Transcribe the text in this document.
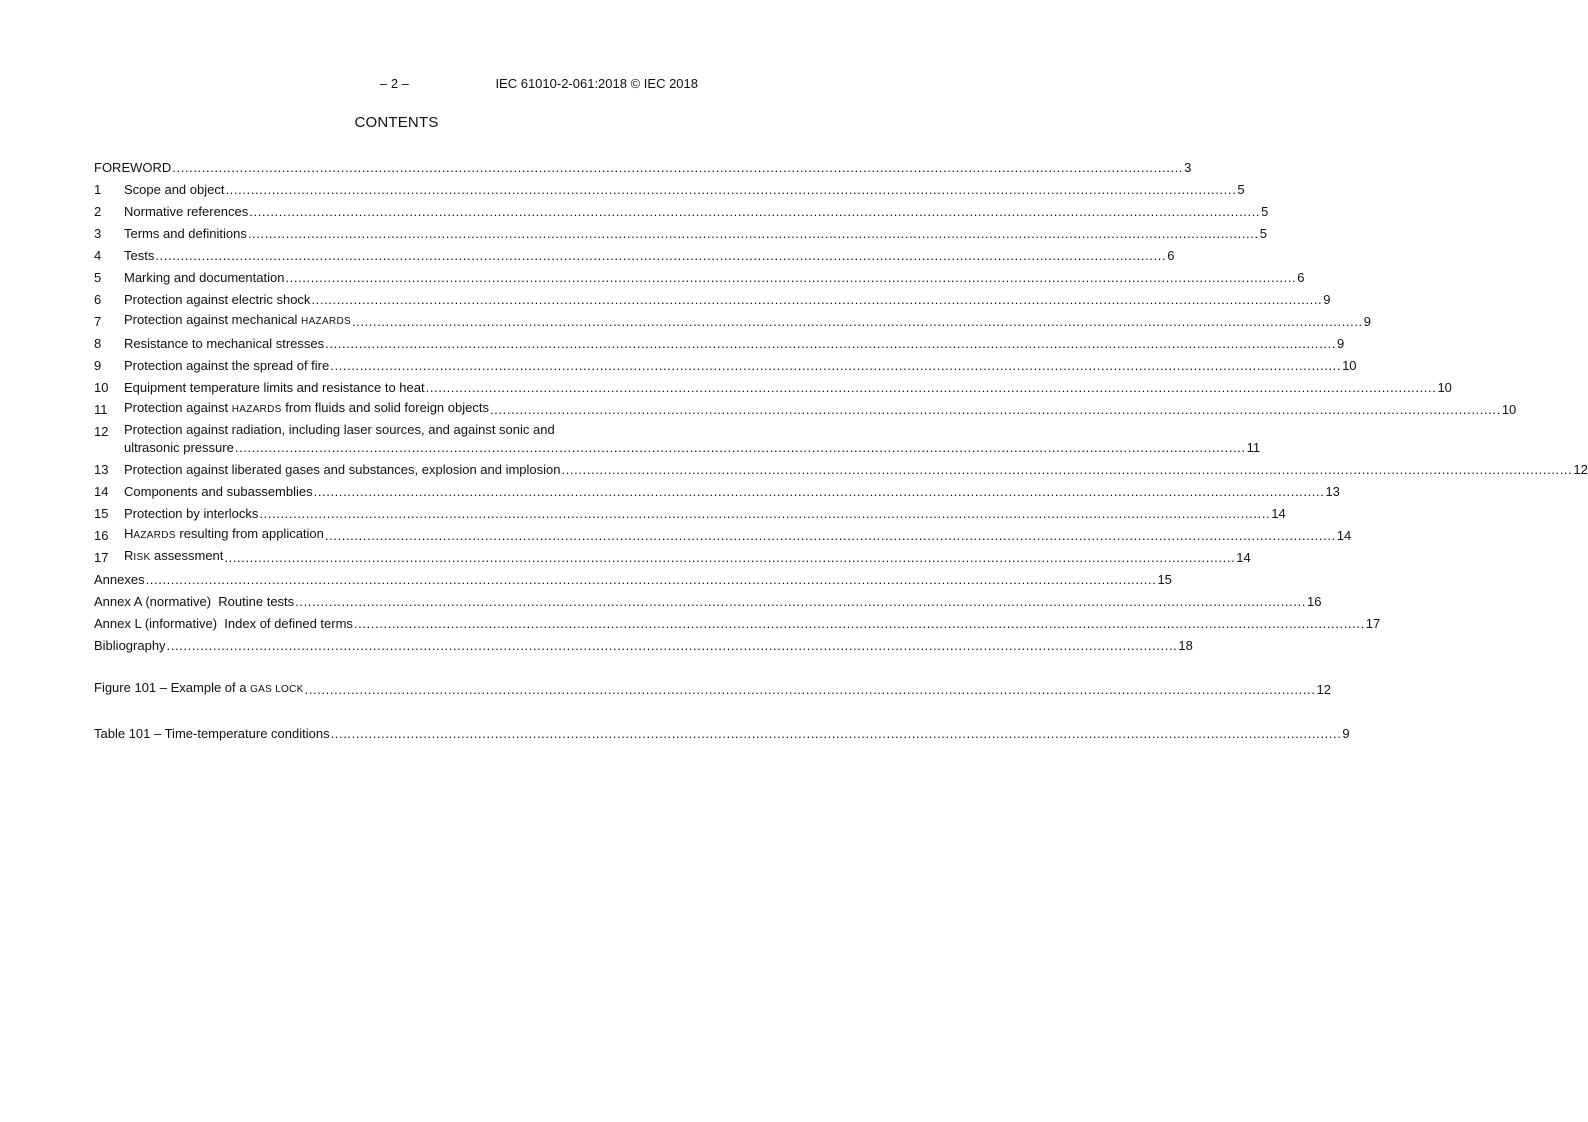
– 2 –	IEC 61010-2-061:2018 © IEC 2018
CONTENTS
FOREWORD .....	3
1	Scope and object .....	5
2	Normative references .....	5
3	Terms and definitions .....	5
4	Tests .....	6
5	Marking and documentation .....	6
6	Protection against electric shock .....	9
7	Protection against mechanical HAZARDS .....	9
8	Resistance to mechanical stresses .....	9
9	Protection against the spread of fire .....	10
10	Equipment temperature limits and resistance to heat .....	10
11	Protection against HAZARDS from fluids and solid foreign objects .....	10
12	Protection against radiation, including laser sources, and against sonic and
ultrasonic pressure .....	11
13	Protection against liberated gases and substances, explosion and implosion .....	12
14	Components and subassemblies .....	13
15	Protection by interlocks .....	14
16	HAZARDS resulting from application .....	14
17	RISK assessment .....	14
Annexes .....	15
Annex A (normative)  Routine tests .....	16
Annex L (informative)  Index of defined terms .....	17
Bibliography .....	18
Figure 101 – Example of a GAS LOCK .....	12
Table 101 – Time-temperature conditions .....	9
